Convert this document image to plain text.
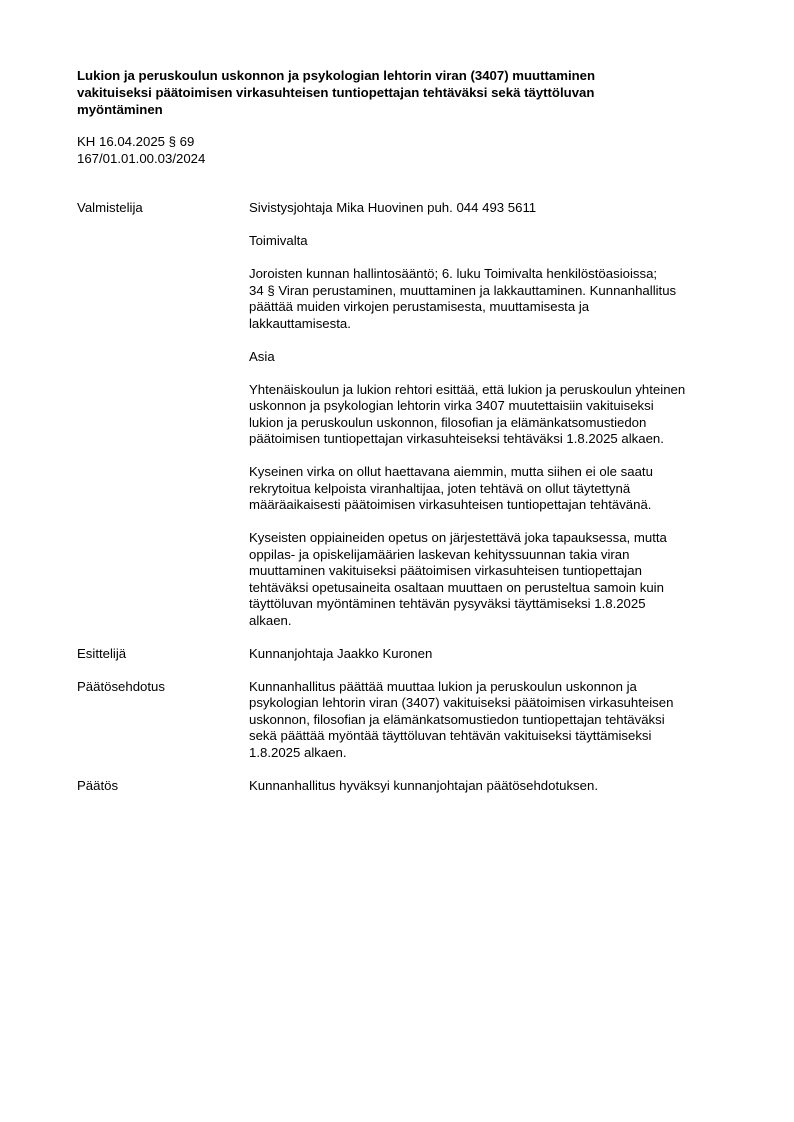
Lukion ja peruskoulun uskonnon ja psykologian lehtorin viran (3407) muuttaminen
vakituiseksi päätoimisen virkasuhteisen tuntiopettajan tehtäväksi sekä täyttöluvan
myöntäminen
KH 16.04.2025 § 69
167/01.01.00.03/2024
Valmistelija	Sivistysjohtaja Mika Huovinen puh. 044 493 5611
Toimivalta
Joroisten kunnan hallintosääntö; 6. luku Toimivalta henkilöstöasioissa;
34 § Viran perustaminen, muuttaminen ja lakkauttaminen. Kunnanhallitus
päättää muiden virkojen perustamisesta, muuttamisesta ja
lakkauttamisesta.
Asia
Yhtenäiskoulun ja lukion rehtori esittää, että lukion ja peruskoulun yhteinen
uskonnon ja psykologian lehtorin virka 3407 muutettaisiin vakituiseksi
lukion ja peruskoulun uskonnon, filosofian ja elämänkatsomustiedon
päätoimisen tuntiopettajan virkasuhteiseksi tehtäväksi 1.8.2025 alkaen.
Kyseinen virka on ollut haettavana aiemmin, mutta siihen ei ole saatu
rekrytoitua kelpoista viranhaltijaa, joten tehtävä on ollut täytettynä
määräaikaisesti päätoimisen virkasuhteisen tuntiopettajan tehtävänä.
Kyseisten oppiaineiden opetus on järjestettävä joka tapauksessa, mutta
oppilas- ja opiskelijamäärien laskevan kehityssuunnan takia viran
muuttaminen vakituiseksi päätoimisen virkasuhteisen tuntiopettajan
tehtäväksi opetusaineita osaltaan muuttaen on perusteltua samoin kuin
täyttöluvan myöntäminen tehtävän pysyväksi täyttämiseksi 1.8.2025
alkaen.
Esittelijä	Kunnanjohtaja Jaakko Kuronen
Päätösehdotus	Kunnanhallitus päättää muuttaa lukion ja peruskoulun uskonnon ja
psykologian lehtorin viran (3407) vakituiseksi päätoimisen virkasuhteisen
uskonnon, filosofian ja elämänkatsomustiedon tuntiopettajan tehtäväksi
sekä päättää myöntää täyttöluvan tehtävän vakituiseksi täyttämiseksi
1.8.2025 alkaen.
Päätös	Kunnanhallitus hyväksyi kunnanjohtajan päätösehdotuksen.
